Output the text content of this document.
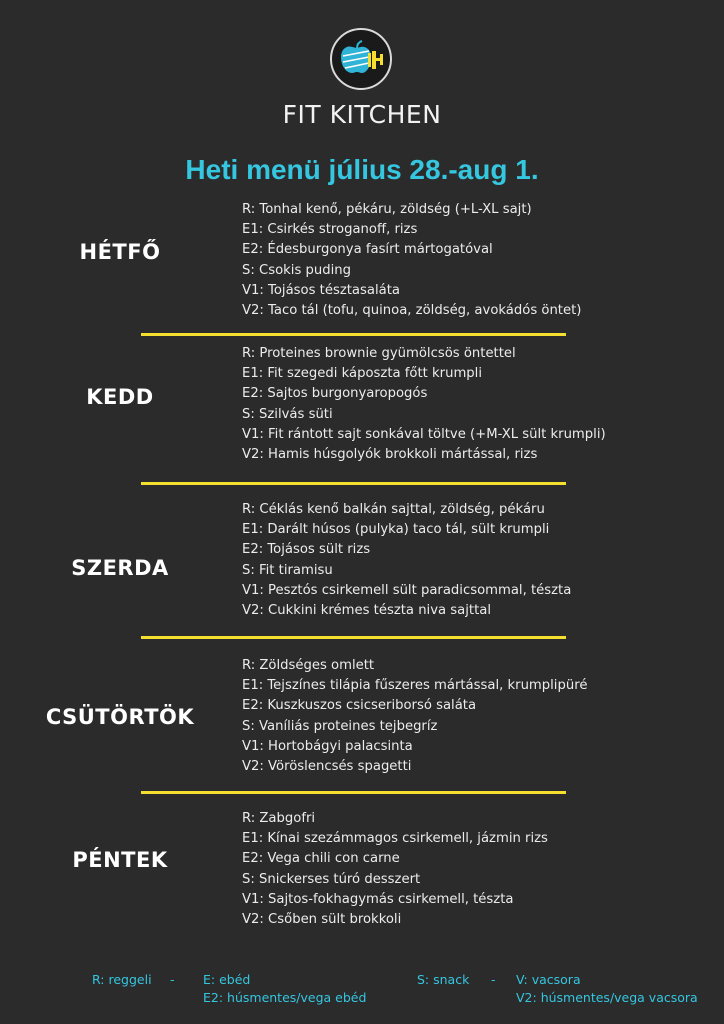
FIT KITCHEN
Heti menü július 28.-aug 1.
HÉTFŐ
R: Tonhal kenő, pékáru, zöldség (+L-XL sajt)
E1: Csirkés stroganoff, rizs
E2: Édesburgonya fasírt mártogatóval
S: Csokis puding
V1: Tojásos tésztasaláta
V2: Taco tál (tofu, quinoa, zöldség, avokádós öntet)
KEDD
R: Proteines brownie gyümölcsös öntettel
E1: Fit szegedi káposzta főtt krumpli
E2: Sajtos burgonyaropogós
S: Szilvás süti
V1: Fit rántott sajt sonkával töltve (+M-XL sült krumpli)
V2: Hamis húsgolyók brokkoli mártással, rizs
SZERDA
R: Céklás kenő balkán sajttal, zöldség, pékáru
E1: Darált húsos (pulyka) taco tál, sült krumpli
E2: Tojásos sült rizs
S: Fit tiramisu
V1: Pesztós csirkemell sült paradicsommal, tészta
V2: Cukkini krémes tészta niva sajttal
CSÜTÖRTÖK
R: Zöldséges omlett
E1: Tejszínes tilápia fűszeres mártással, krumplipüré
E2: Kuszkuszos csicseriborsó saláta
S: Vaníliás proteines tejbegríz
V1: Hortobágyi palacsinta
V2: Vöröslencsés spagetti
PÉNTEK
R: Zabgofri
E1: Kínai szezámmagos csirkemell, jázmin rizs
E2: Vega chili con carne
S: Snickerses túró desszert
V1: Sajtos-fokhagymás csirkemell, tészta
V2: Csőben sült brokkoli
R: reggeli - E: ebéd
E2: húsmentes/vega ebéd
S: snack - V: vacsora
V2: húsmentes/vega vacsora
